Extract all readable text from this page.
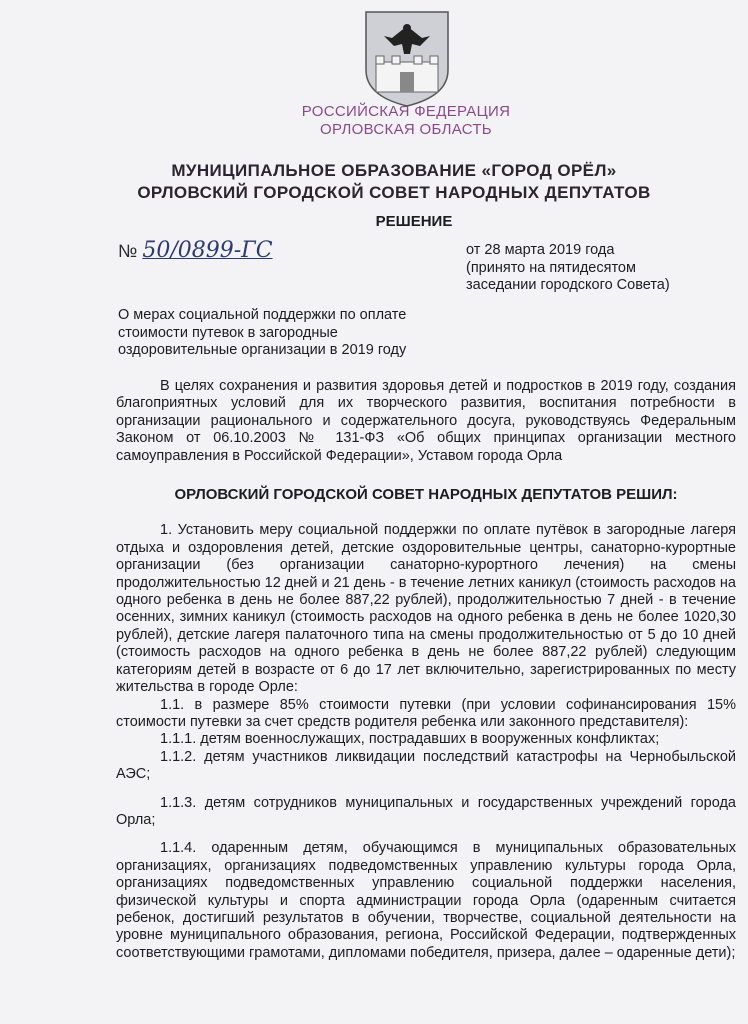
РОССИЙСКАЯ ФЕДЕРАЦИЯ
ОРЛОВСКАЯ ОБЛАСТЬ
МУНИЦИПАЛЬНОЕ ОБРАЗОВАНИЕ «ГОРОД ОРЁЛ»
ОРЛОВСКИЙ ГОРОДСКОЙ СОВЕТ НАРОДНЫХ ДЕПУТАТОВ
РЕШЕНИЕ
№ 50/0899-ГС	от 28 марта 2019 года
(принято на пятидесятом
заседании городского Совета)
О мерах социальной поддержки по оплате
стоимости путевок в загородные
оздоровительные организации в 2019 году

В целях сохранения и развития здоровья детей и подростков в 2019 году, создания благоприятных условий для их творческого развития, воспитания потребности в организации рационального и содержательного досуга, руководствуясь Федеральным Законом от 06.10.2003 № 131-ФЗ «Об общих принципах организации местного самоуправления в Российской Федерации», Уставом города Орла

ОРЛОВСКИЙ ГОРОДСКОЙ СОВЕТ НАРОДНЫХ ДЕПУТАТОВ РЕШИЛ:

1. Установить меру социальной поддержки по оплате путёвок в загородные лагеря отдыха и оздоровления детей, детские оздоровительные центры, санаторно-курортные организации (без организации санаторно-курортного лечения) на смены продолжительностью 12 дней и 21 день - в течение летних каникул (стоимость расходов на одного ребенка в день не более 887,22 рублей), продолжительностью 7 дней - в течение осенних, зимних каникул (стоимость расходов на одного ребенка в день не более 1020,30 рублей), детские лагеря палаточного типа на смены продолжительностью от 5 до 10 дней (стоимость расходов на одного ребенка в день не более 887,22 рублей) следующим категориям детей в возрасте от 6 до 17 лет включительно, зарегистрированных по месту жительства в городе Орле:

1.1. в размере 85% стоимости путевки (при условии софинансирования 15% стоимости путевки за счет средств родителя ребенка или законного представителя):

1.1.1. детям военнослужащих, пострадавших в вооруженных конфликтах;

1.1.2. детям участников ликвидации последствий катастрофы на Чернобыльской АЭС;

1.1.3. детям сотрудников муниципальных и государственных учреждений города Орла;

1.1.4. одаренным детям, обучающимся в муниципальных образовательных организациях, организациях подведомственных управлению культуры города Орла, организациях подведомственных управлению социальной поддержки населения, физической культуры и спорта администрации города Орла (одаренным считается ребенок, достигший результатов в обучении, творчестве, социальной деятельности на уровне муниципального образования, региона, Российской Федерации, подтвержденных соответствующими грамотами, дипломами победителя, призера, далее – одаренные дети);
